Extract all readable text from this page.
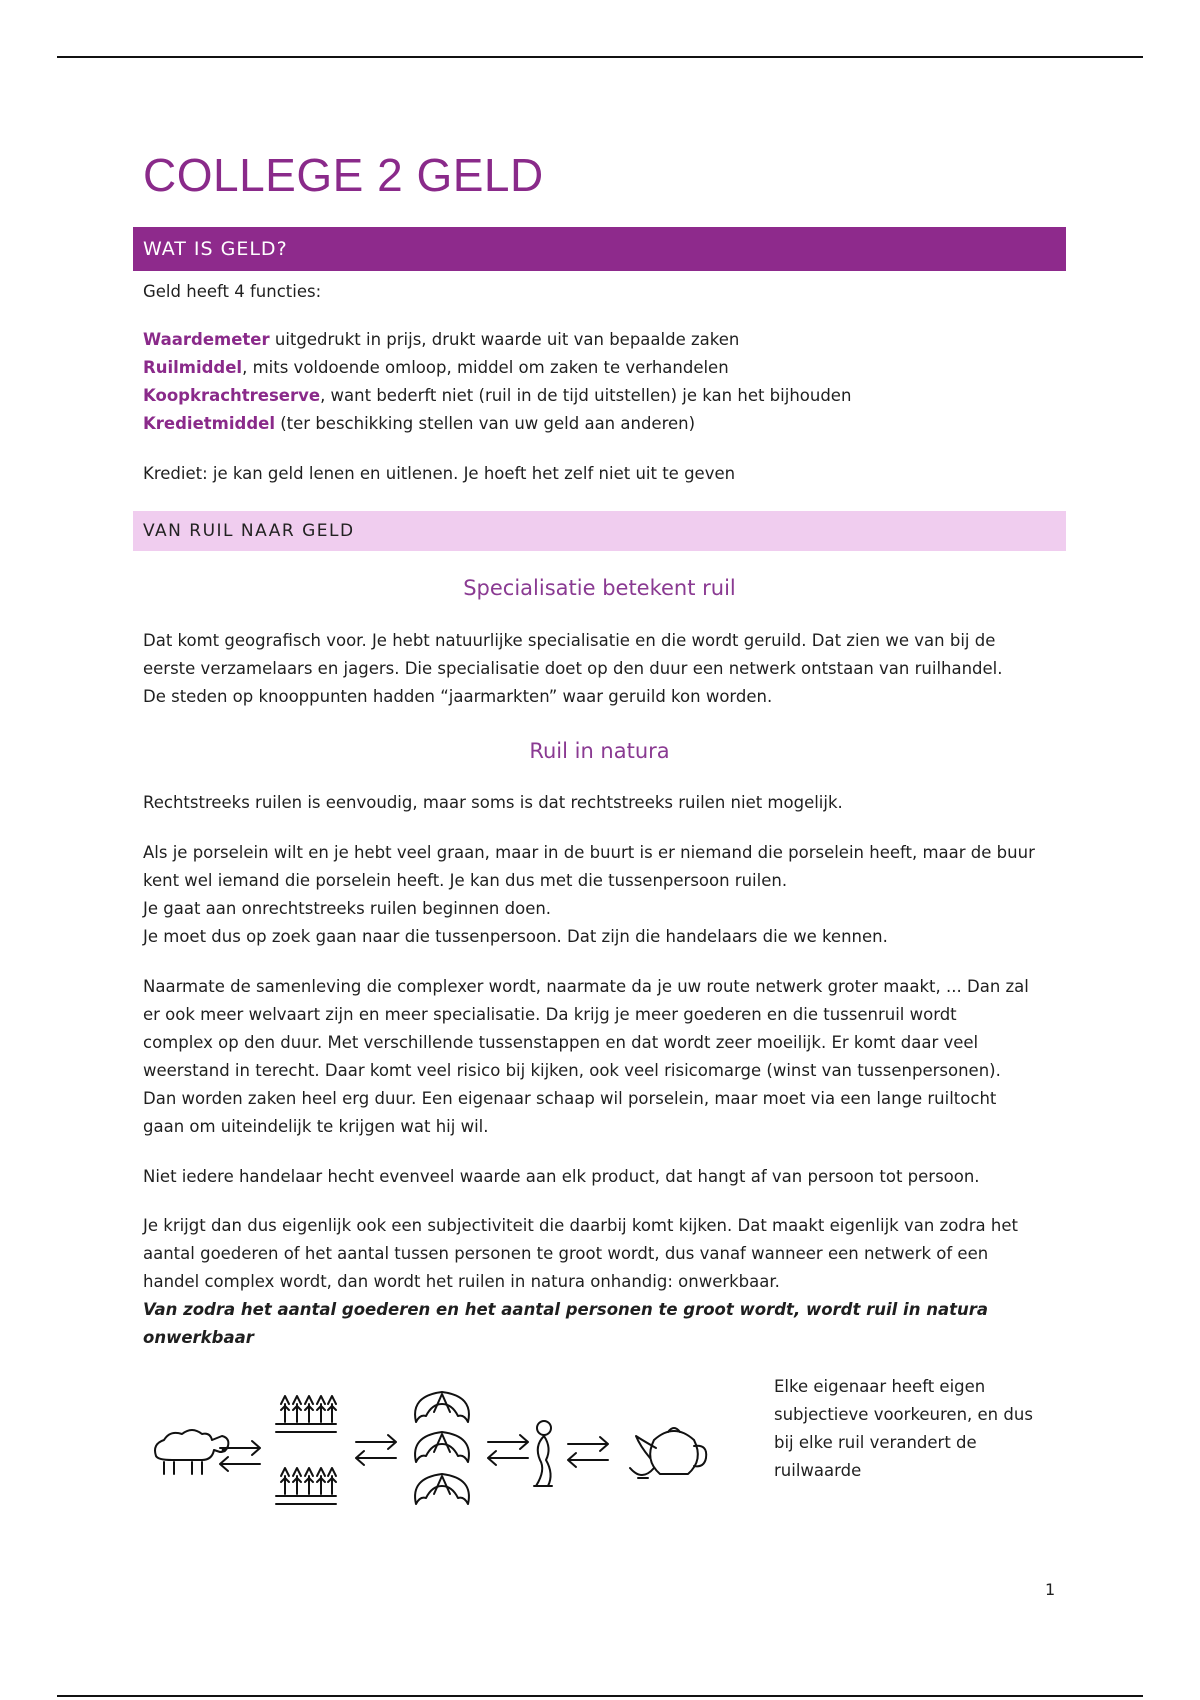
COLLEGE 2 GELD
WAT IS GELD?

Geld heeft 4 functies:

Waardemeter uitgedrukt in prijs, drukt waarde uit van bepaalde zaken
Ruilmiddel, mits voldoende omloop, middel om zaken te verhandelen
Koopkrachtreserve, want bederft niet (ruil in de tijd uitstellen) je kan het bijhouden
Kredietmiddel (ter beschikking stellen van uw geld aan anderen)

Krediet: je kan geld lenen en uitlenen. Je hoeft het zelf niet uit te geven

VAN RUIL NAAR GELD
Specialisatie betekent ruil
Dat komt geografisch voor. Je hebt natuurlijke specialisatie en die wordt geruild. Dat zien we van bij de
eerste verzamelaars en jagers. Die specialisatie doet op den duur een netwerk ontstaan van ruilhandel.
De steden op knooppunten hadden “jaarmarkten” waar geruild kon worden.
Ruil in natura
Rechtstreeks ruilen is eenvoudig, maar soms is dat rechtstreeks ruilen niet mogelijk.
Als je porselein wilt en je hebt veel graan, maar in de buurt is er niemand die porselein heeft, maar de buur
kent wel iemand die porselein heeft. Je kan dus met die tussenpersoon ruilen.
Je gaat aan onrechtstreeks ruilen beginnen doen.
Je moet dus op zoek gaan naar die tussenpersoon. Dat zijn die handelaars die we kennen.
Naarmate de samenleving die complexer wordt, naarmate da je uw route netwerk groter maakt, ... Dan zal
er ook meer welvaart zijn en meer specialisatie. Da krijg je meer goederen en die tussenruil wordt
complex op den duur. Met verschillende tussenstappen en dat wordt zeer moeilijk. Er komt daar veel
weerstand in terecht. Daar komt veel risico bij kijken, ook veel risicomarge (winst van tussenpersonen).
Dan worden zaken heel erg duur. Een eigenaar schaap wil porselein, maar moet via een lange ruiltocht
gaan om uiteindelijk te krijgen wat hij wil.
Niet iedere handelaar hecht evenveel waarde aan elk product, dat hangt af van persoon tot persoon.
Je krijgt dan dus eigenlijk ook een subjectiviteit die daarbij komt kijken. Dat maakt eigenlijk van zodra het
aantal goederen of het aantal tussen personen te groot wordt, dus vanaf wanneer een netwerk of een
handel complex wordt, dan wordt het ruilen in natura onhandig: onwerkbaar.
Van zodra het aantal goederen en het aantal personen te groot wordt, wordt ruil in natura
onwerkbaar
Elke eigenaar heeft eigen
subjectieve voorkeuren, en dus
bij elke ruil verandert de
ruilwaarde
1
